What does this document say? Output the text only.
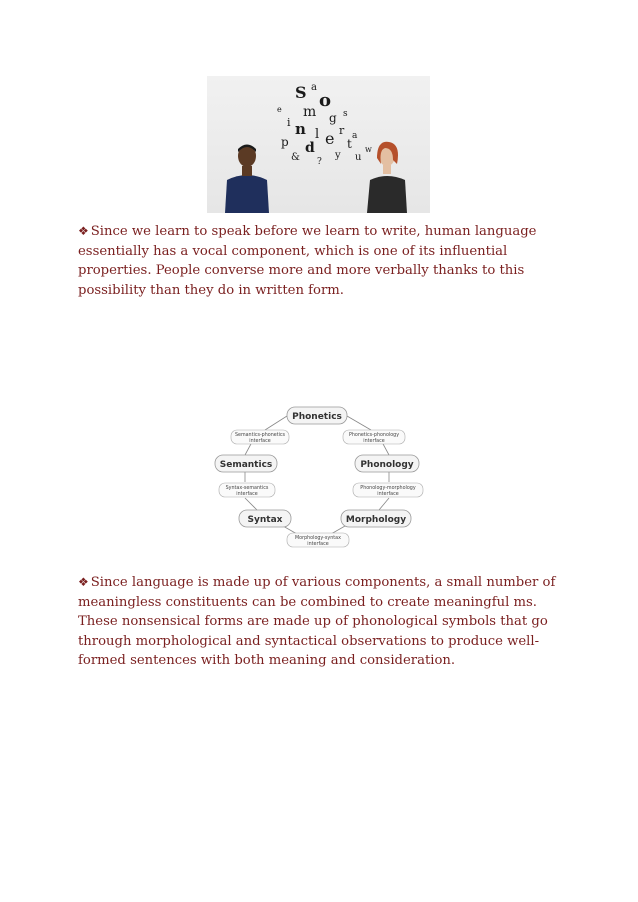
S a
o
m g
i n l e r
t
p d y u
& ?
s
e
a
w

❖ Since we learn to speak before we learn to write, human language essentially has a vocal component, which is one of its influential properties. People converse more and more verbally thanks to this possibility than they do in written form.

Phonetics
Semantics	Phonology
Syntax	Morphology
Semantics-phonetics
interface
Phonetics-phonology
interface
Syntax-semantics
interface
Phonology-morphology
interface
Morphology-syntax
interface

❖ Since language is made up of various components, a small number of meaningless constituents can be combined to create meaningful ms. These nonsensical forms are made up of phonological symbols that go through morphological and syntactical observations to produce well-formed sentences with both meaning and consideration.
